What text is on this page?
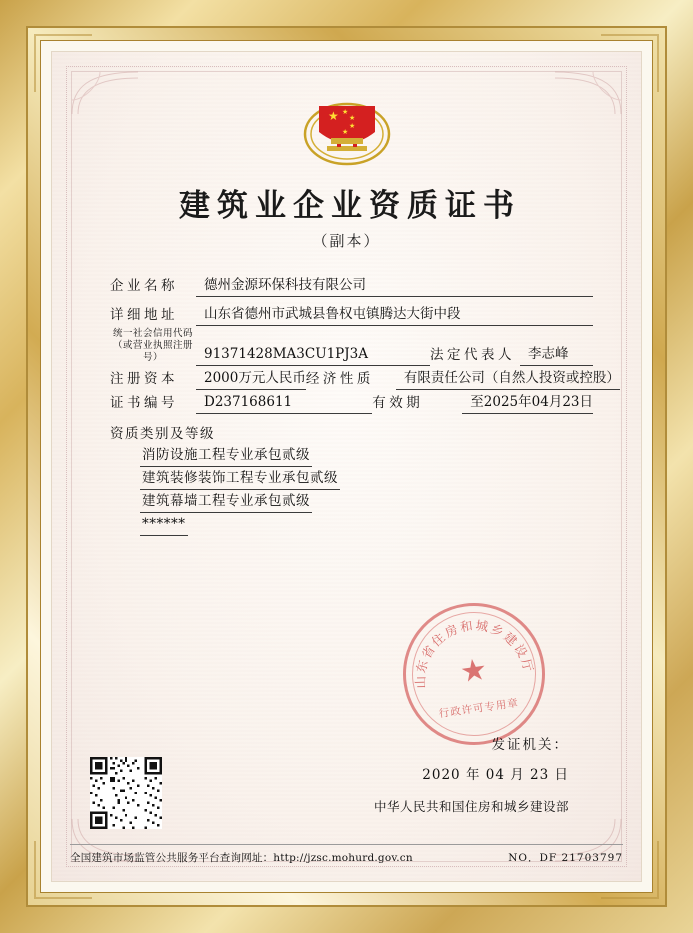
★ ★
★
★
★
建筑业企业资质证书
（副本）
企业名称	德州金源环保科技有限公司
详细地址	山东省德州市武城县鲁权屯镇腾达大街中段
统一社会信用代码
（或营业执照注册号）	91371428MA3CU1PJ3A	法定代表人 李志峰
注册资本	2000万元人民币 经济性质	有限责任公司（自然人投资或控股）
证书编号	D237168611	有效期	至2025年04月23日
资质类别及等级
消防设施工程专业承包贰级
建筑装修装饰工程专业承包贰级
建筑幕墙工程专业承包贰级
******
山东省住房和城乡建设厅
★
行政许可专用章
发证机关：
2020 年 04 月 23 日
中华人民共和国住房和城乡建设部
全国建筑市场监管公共服务平台查询网址：http://jzsc.mohurd.gov.cn	NO．DF 21703797
